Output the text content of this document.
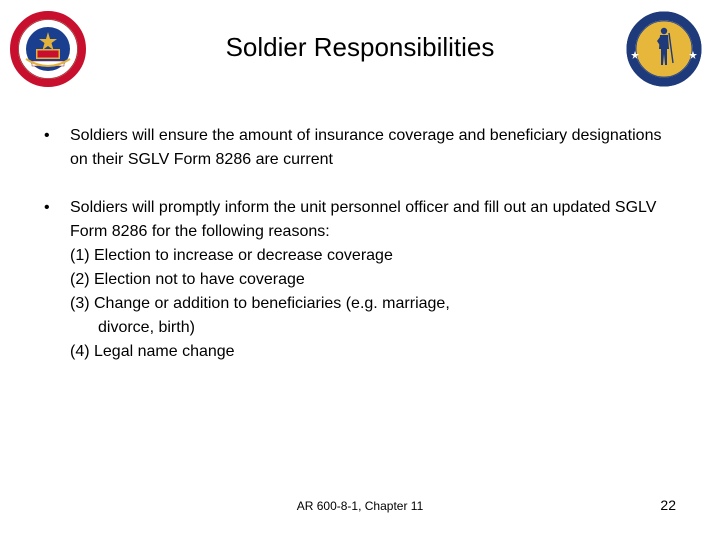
Soldier Responsibilities
• Soldiers will ensure the amount of insurance coverage and beneficiary designations on their SGLV Form 8286 are current
• Soldiers will promptly inform the unit personnel officer and fill out an updated SGLV Form 8286 for the following reasons:

(1) Election to increase or decrease coverage

(2) Election not to have coverage

(3) Change or addition to beneficiaries (e.g. marriage,

divorce, birth)

(4) Legal name change

AR 600-8-1, Chapter 11	22
